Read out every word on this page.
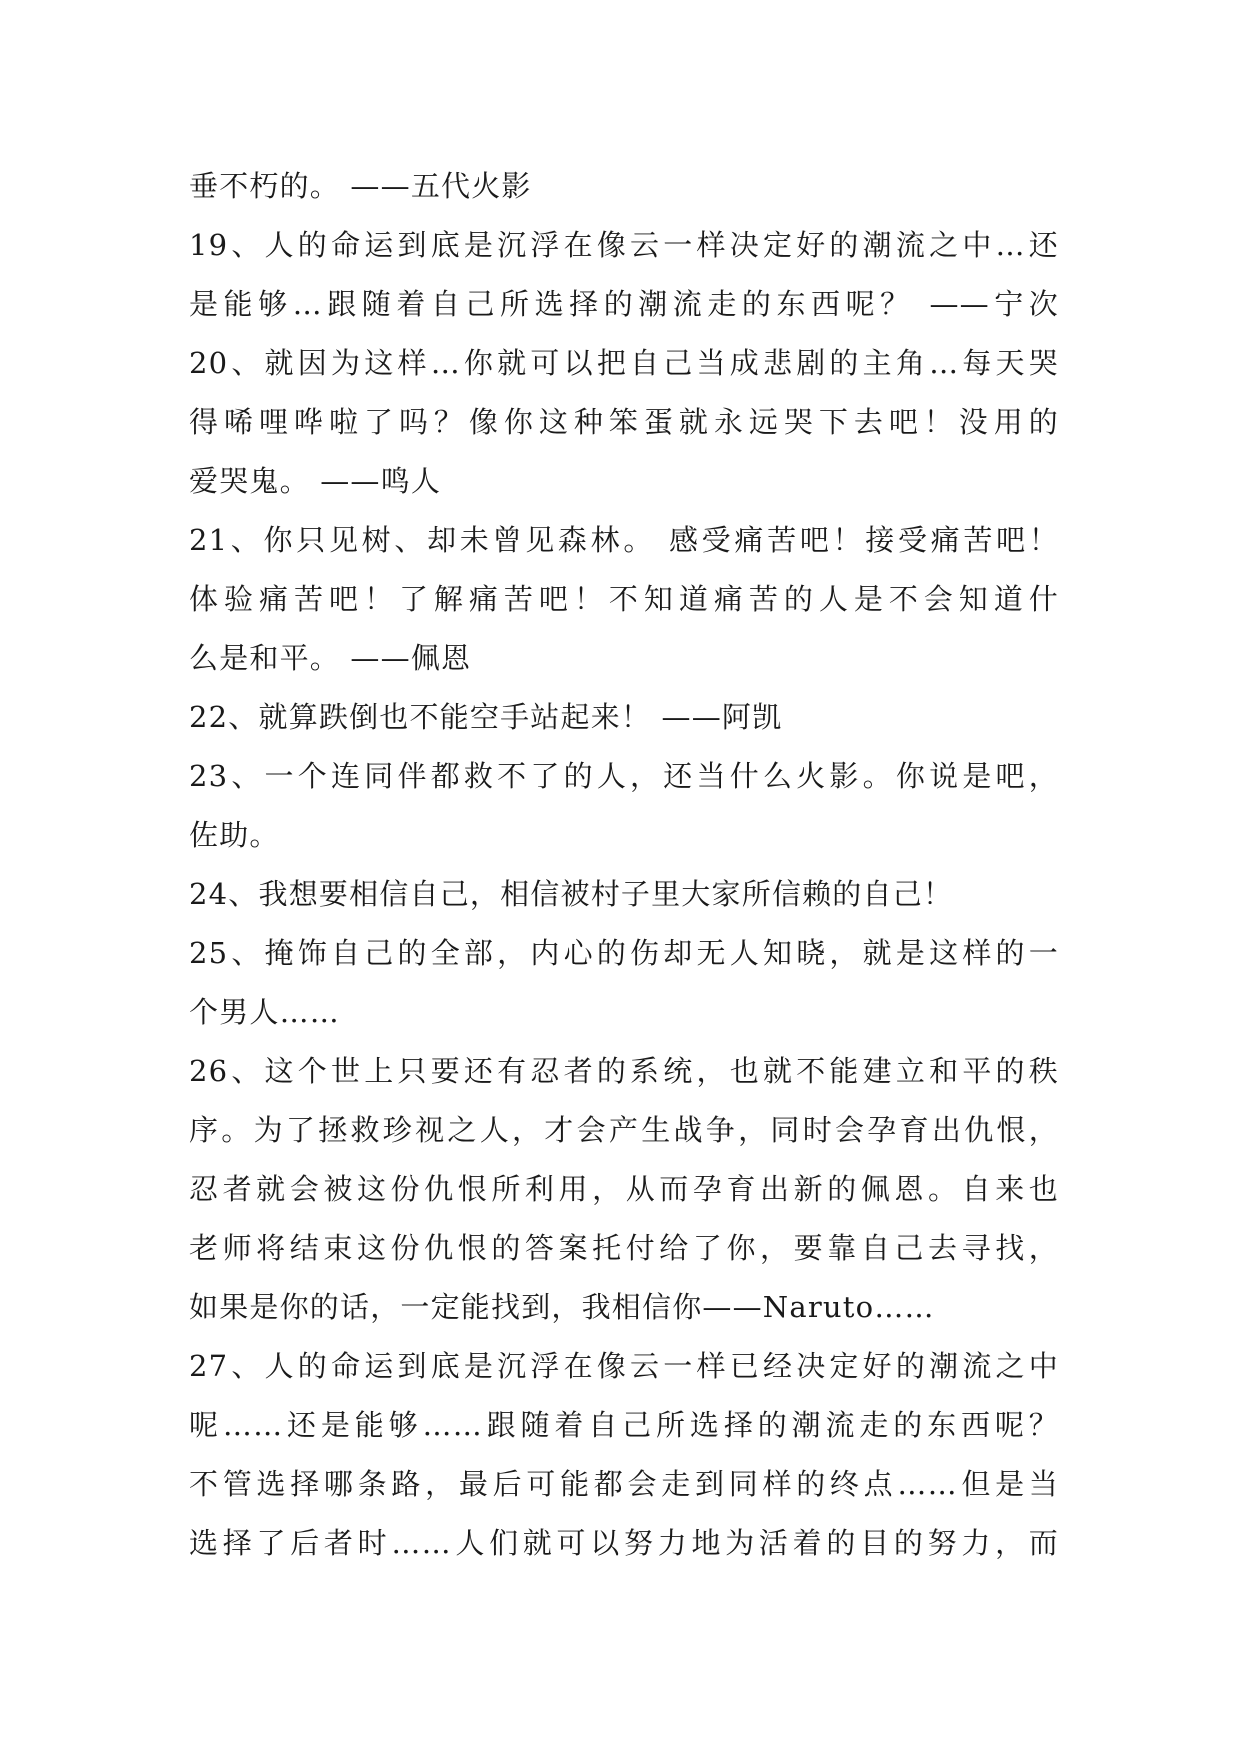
垂不朽的。 ——五代火影
19、人的命运到底是沉浮在像云一样决定好的潮流之中…还
是能够…跟随着自己所选择的潮流走的东西呢？ ——宁次
20、就因为这样…你就可以把自己当成悲剧的主角…每天哭
得唏哩哗啦了吗？像你这种笨蛋就永远哭下去吧！没用的
爱哭鬼。 ——鸣人
21、你只见树、却未曾见森林。 感受痛苦吧！接受痛苦吧！
体验痛苦吧！了解痛苦吧！不知道痛苦的人是不会知道什
么是和平。 ——佩恩
22、就算跌倒也不能空手站起来！ ——阿凯
23、一个连同伴都救不了的人，还当什么火影。你说是吧，
佐助。
24、我想要相信自己，相信被村子里大家所信赖的自己！
25、掩饰自己的全部，内心的伤却无人知晓，就是这样的一
个男人……
26、这个世上只要还有忍者的系统，也就不能建立和平的秩
序。为了拯救珍视之人，才会产生战争，同时会孕育出仇恨，
忍者就会被这份仇恨所利用，从而孕育出新的佩恩。自来也
老师将结束这份仇恨的答案托付给了你，要靠自己去寻找，
如果是你的话，一定能找到，我相信你——Naruto……
27、人的命运到底是沉浮在像云一样已经决定好的潮流之中
呢……还是能够……跟随着自己所选择的潮流走的东西呢？
不管选择哪条路，最后可能都会走到同样的终点……但是当
选择了后者时……人们就可以努力地为活着的目的努力，而
